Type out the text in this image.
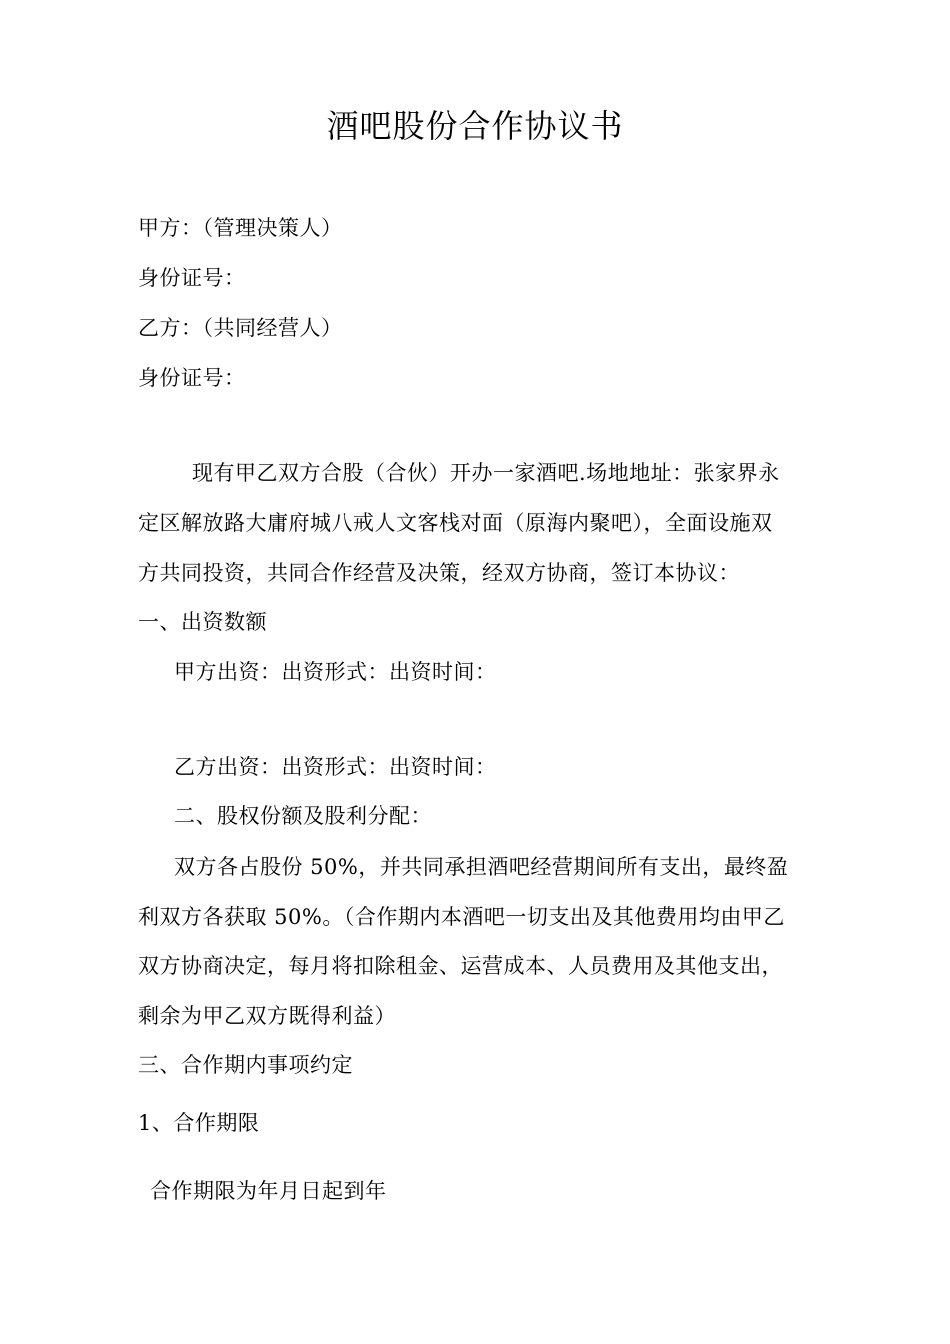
酒吧股份合作协议书
甲方：（管理决策人）
身份证号：
乙方：（共同经营人）
身份证号：
现有甲乙双方合股（合伙）开办一家酒吧.场地地址：张家界永
定区解放路大庸府城八戒人文客栈对面（原海内聚吧），全面设施双
方共同投资，共同合作经营及决策，经双方协商，签订本协议：
一、出资数额
甲方出资：出资形式：出资时间：
乙方出资：出资形式：出资时间：
二、股权份额及股利分配：
双方各占股份 50%，并共同承担酒吧经营期间所有支出，最终盈
利双方各获取 50%。（合作期内本酒吧一切支出及其他费用均由甲乙
双方协商决定，每月将扣除租金、运营成本、人员费用及其他支出，
剩余为甲乙双方既得利益）
三、合作期内事项约定
1、合作期限
合作期限为年月日起到年
